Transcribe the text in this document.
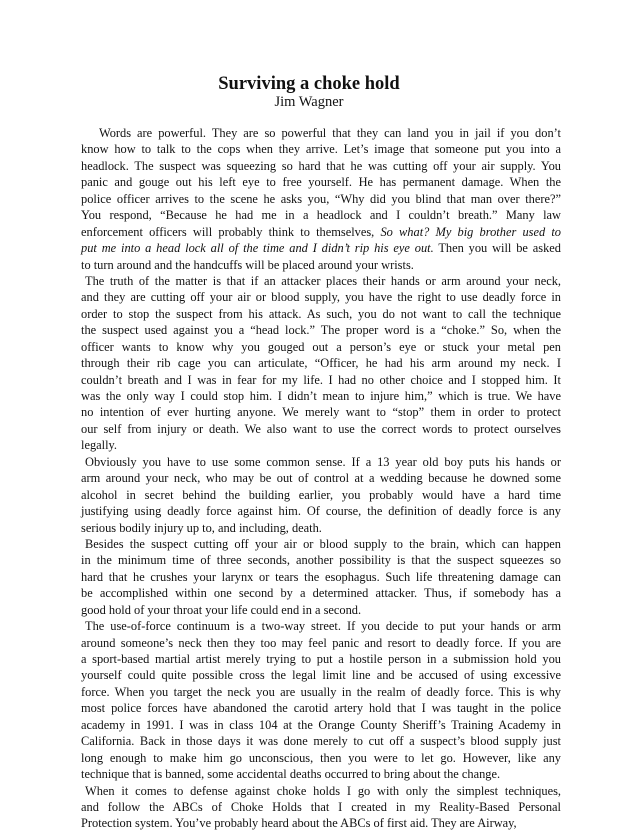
Surviving a choke hold
Jim Wagner
Words are powerful. They are so powerful that they can land you in jail if you don’t
know how to talk to the cops when they arrive. Let’s image that someone put you into a
headlock. The suspect was squeezing so hard that he was cutting off your air supply. You
panic and gouge out his left eye to free yourself. He has permanent damage. When the
police officer arrives to the scene he asks you, “Why did you blind that man over there?”
You respond, “Because he had me in a headlock and I couldn’t breath.” Many law
enforcement officers will probably think to themselves, So what? My big brother used to
put me into a head lock all of the time and I didn’t rip his eye out. Then you will be asked
to turn around and the handcuffs will be placed around your wrists.
The truth of the matter is that if an attacker places their hands or arm around your neck,
and they are cutting off your air or blood supply, you have the right to use deadly force in
order to stop the suspect from his attack. As such, you do not want to call the technique
the suspect used against you a “head lock.” The proper word is a “choke.” So, when the
officer wants to know why you gouged out a person’s eye or stuck your metal pen
through their rib cage you can articulate, “Officer, he had his arm around my neck. I
couldn’t breath and I was in fear for my life. I had no other choice and I stopped him. It
was the only way I could stop him. I didn’t mean to injure him,” which is true. We have
no intention of ever hurting anyone. We merely want to “stop” them in order to protect
our self from injury or death. We also want to use the correct words to protect ourselves
legally.
Obviously you have to use some common sense. If a 13 year old boy puts his hands or
arm around your neck, who may be out of control at a wedding because he downed some
alcohol in secret behind the building earlier, you probably would have a hard time
justifying using deadly force against him. Of course, the definition of deadly force is any
serious bodily injury up to, and including, death.
Besides the suspect cutting off your air or blood supply to the brain, which can happen
in the minimum time of three seconds, another possibility is that the suspect squeezes so
hard that he crushes your larynx or tears the esophagus. Such life threatening damage can
be accomplished within one second by a determined attacker. Thus, if somebody has a
good hold of your throat your life could end in a second.
The use-of-force continuum is a two-way street. If you decide to put your hands or arm
around someone’s neck then they too may feel panic and resort to deadly force. If you are
a sport-based martial artist merely trying to put a hostile person in a submission hold you
yourself could quite possible cross the legal limit line and be accused of using excessive
force. When you target the neck you are usually in the realm of deadly force. This is why
most police forces have abandoned the carotid artery hold that I was taught in the police
academy in 1991. I was in class 104 at the Orange County Sheriff’s Training Academy in
California. Back in those days it was done merely to cut off a suspect’s blood supply just
long enough to make him go unconscious, then you were to let go. However, like any
technique that is banned, some accidental deaths occurred to bring about the change.
When it comes to defense against choke holds I go with only the simplest techniques,
and follow the ABCs of Choke Holds that I created in my Reality-Based Personal
Protection system. You’ve probably heard about the ABCs of first aid. They are Airway,
